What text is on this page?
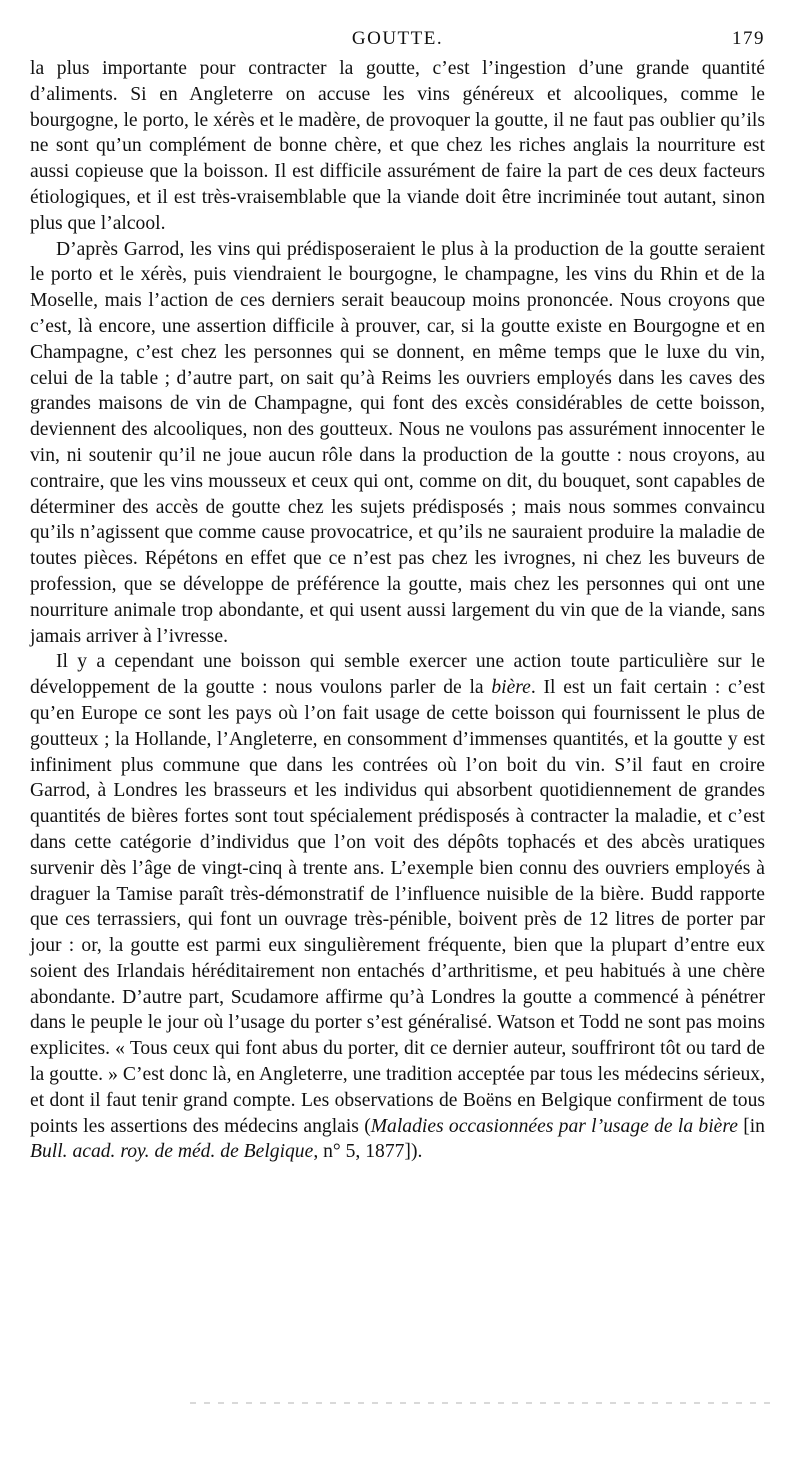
GOUTTE.	179

la plus importante pour contracter la goutte, c’est l’ingestion d’une grande quantité d’aliments. Si en Angleterre on accuse les vins généreux et alcooliques, comme le bourgogne, le porto, le xérès et le madère, de provoquer la goutte, il ne faut pas oublier qu’ils ne sont qu’un complément de bonne chère, et que chez les riches anglais la nourriture est aussi copieuse que la boisson. Il est difficile assurément de faire la part de ces deux facteurs étiologiques, et il est très-vraisemblable que la viande doit être incriminée tout autant, sinon plus que l’alcool.

D’après Garrod, les vins qui prédisposeraient le plus à la production de la goutte seraient le porto et le xérès, puis viendraient le bourgogne, le champagne, les vins du Rhin et de la Moselle, mais l’action de ces derniers serait beaucoup moins prononcée. Nous croyons que c’est, là encore, une assertion difficile à prouver, car, si la goutte existe en Bourgogne et en Champagne, c’est chez les personnes qui se donnent, en même temps que le luxe du vin, celui de la table ; d’autre part, on sait qu’à Reims les ouvriers employés dans les caves des grandes maisons de vin de Champagne, qui font des excès considérables de cette boisson, deviennent des alcooliques, non des goutteux. Nous ne voulons pas assurément innocenter le vin, ni soutenir qu’il ne joue aucun rôle dans la production de la goutte : nous croyons, au contraire, que les vins mousseux et ceux qui ont, comme on dit, du bouquet, sont capables de déterminer des accès de goutte chez les sujets prédisposés ; mais nous sommes convaincu qu’ils n’agissent que comme cause provocatrice, et qu’ils ne sauraient produire la maladie de toutes pièces. Répétons en effet que ce n’est pas chez les ivrognes, ni chez les buveurs de profession, que se développe de préférence la goutte, mais chez les personnes qui ont une nourriture animale trop abondante, et qui usent aussi largement du vin que de la viande, sans jamais arriver à l’ivresse.

Il y a cependant une boisson qui semble exercer une action toute particulière sur le développement de la goutte : nous voulons parler de la bière. Il est un fait certain : c’est qu’en Europe ce sont les pays où l’on fait usage de cette boisson qui fournissent le plus de goutteux ; la Hollande, l’Angleterre, en consomment d’immenses quantités, et la goutte y est infiniment plus commune que dans les contrées où l’on boit du vin. S’il faut en croire Garrod, à Londres les brasseurs et les individus qui absorbent quotidiennement de grandes quantités de bières fortes sont tout spécialement prédisposés à contracter la maladie, et c’est dans cette catégorie d’individus que l’on voit des dépôts tophacés et des abcès uratiques survenir dès l’âge de vingt-cinq à trente ans. L’exemple bien connu des ouvriers employés à draguer la Tamise paraît très-démonstratif de l’influence nuisible de la bière. Budd rapporte que ces terrassiers, qui font un ouvrage très-pénible, boivent près de 12 litres de porter par jour : or, la goutte est parmi eux singulièrement fréquente, bien que la plupart d’entre eux soient des Irlandais héréditairement non entachés d’arthritisme, et peu habitués à une chère abondante. D’autre part, Scudamore affirme qu’à Londres la goutte a commencé à pénétrer dans le peuple le jour où l’usage du porter s’est généralisé. Watson et Todd ne sont pas moins explicites. « Tous ceux qui font abus du porter, dit ce dernier auteur, souffriront tôt ou tard de la goutte. » C’est donc là, en Angleterre, une tradition acceptée par tous les médecins sérieux, et dont il faut tenir grand compte. Les observations de Boëns en Belgique confirment de tous points les assertions des médecins anglais (Maladies occasionnées par l’usage de la bière [in Bull. acad. roy. de méd. de Belgique, n° 5, 1877]).
